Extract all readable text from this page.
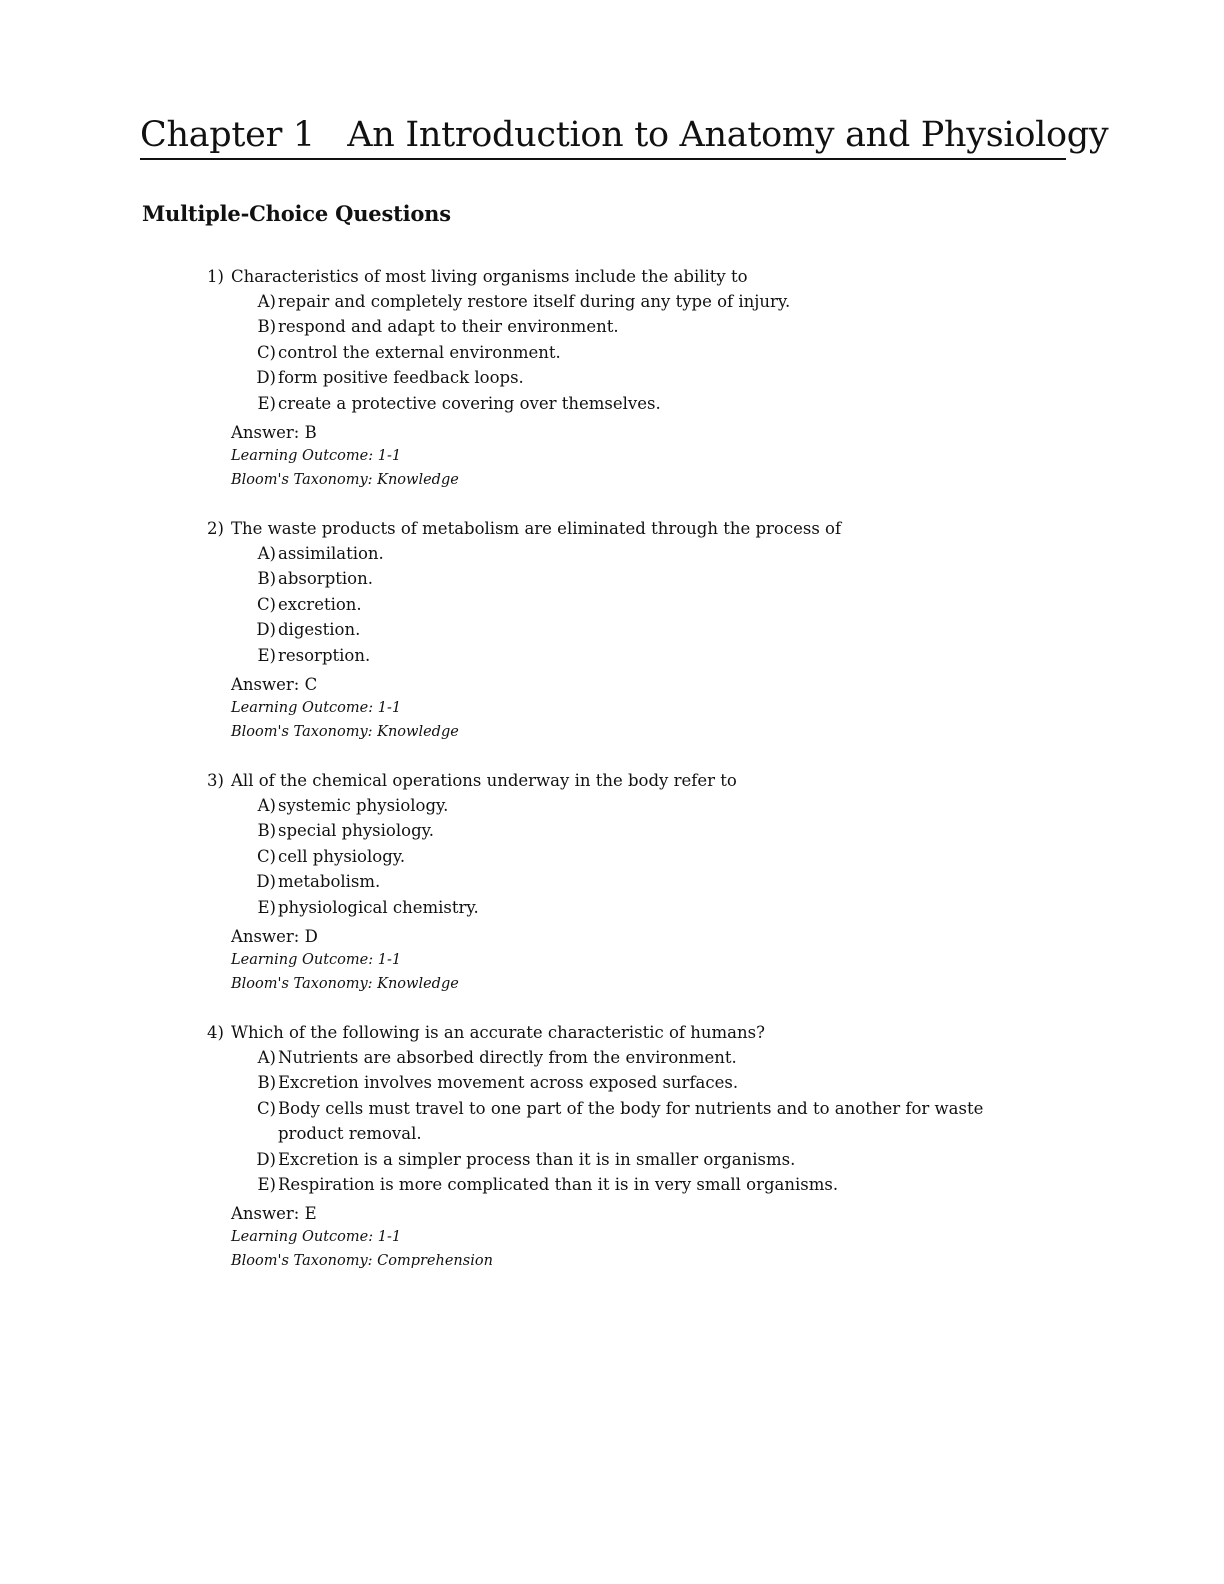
Chapter 1   An Introduction to Anatomy and Physiology
Multiple-Choice Questions
1) Characteristics of most living organisms include the ability to
A) repair and completely restore itself during any type of injury.
B) respond and adapt to their environment.
C) control the external environment.
D) form positive feedback loops.
E) create a protective covering over themselves.
Answer: B
Learning Outcome: 1-1
Bloom's Taxonomy: Knowledge
2) The waste products of metabolism are eliminated through the process of
A) assimilation.
B) absorption.
C) excretion.
D) digestion.
E) resorption.
Answer: C
Learning Outcome: 1-1
Bloom's Taxonomy: Knowledge
3) All of the chemical operations underway in the body refer to
A) systemic physiology.
B) special physiology.
C) cell physiology.
D) metabolism.
E) physiological chemistry.
Answer: D
Learning Outcome: 1-1
Bloom's Taxonomy: Knowledge
4) Which of the following is an accurate characteristic of humans?
A) Nutrients are absorbed directly from the environment.
B) Excretion involves movement across exposed surfaces.
C) Body cells must travel to one part of the body for nutrients and to another for waste product removal.
D) Excretion is a simpler process than it is in smaller organisms.
E) Respiration is more complicated than it is in very small organisms.
Answer: E
Learning Outcome: 1-1
Bloom's Taxonomy: Comprehension
